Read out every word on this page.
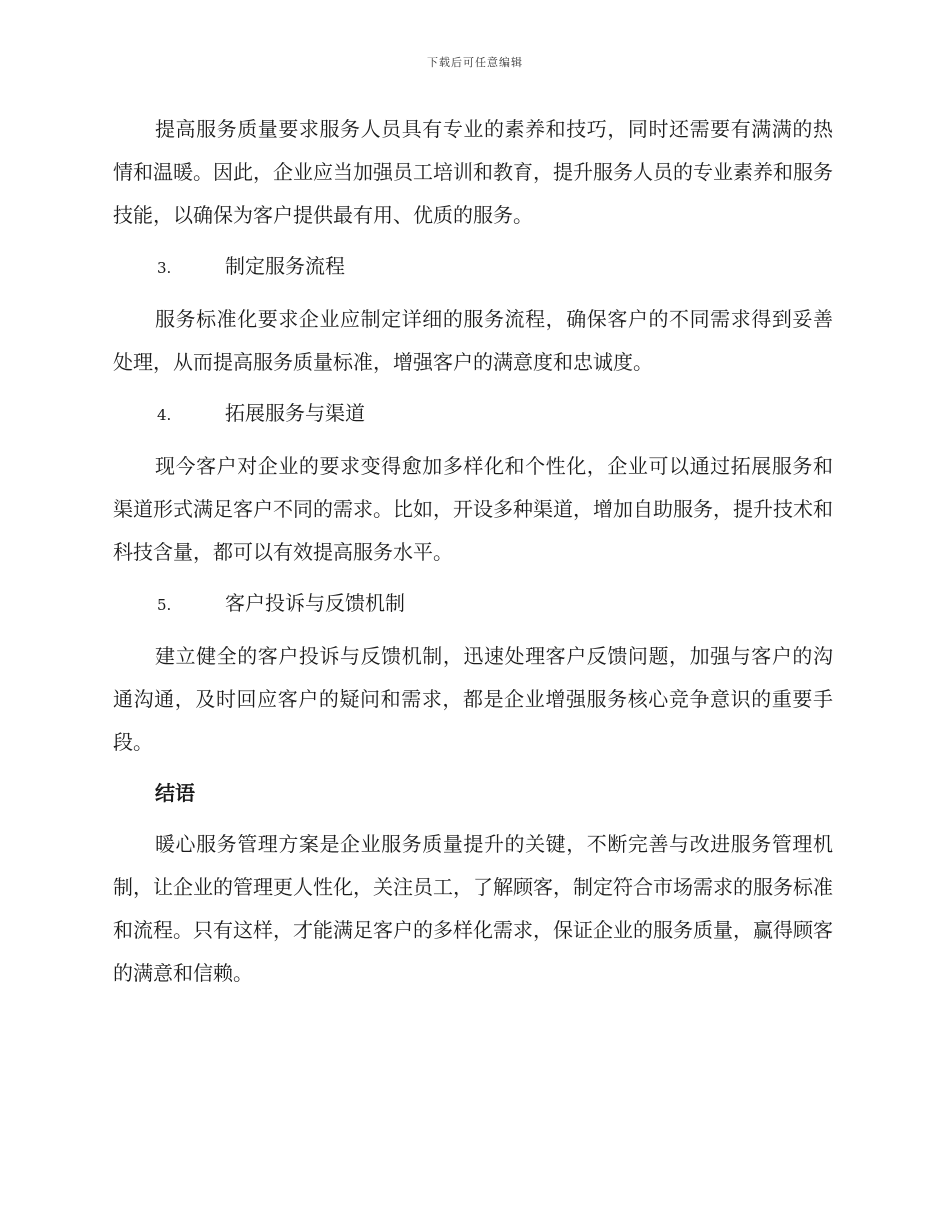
下载后可任意编辑

提高服务质量要求服务人员具有专业的素养和技巧，同时还需要有满满的热情和温暖。因此，企业应当加强员工培训和教育，提升服务人员的专业素养和服务技能，以确保为客户提供最有用、优质的服务。

3.	制定服务流程

服务标准化要求企业应制定详细的服务流程，确保客户的不同需求得到妥善处理，从而提高服务质量标准，增强客户的满意度和忠诚度。

4.	拓展服务与渠道

现今客户对企业的要求变得愈加多样化和个性化，企业可以通过拓展服务和渠道形式满足客户不同的需求。比如，开设多种渠道，增加自助服务，提升技术和科技含量，都可以有效提高服务水平。

5.	客户投诉与反馈机制

建立健全的客户投诉与反馈机制，迅速处理客户反馈问题，加强与客户的沟通沟通，及时回应客户的疑问和需求，都是企业增强服务核心竞争意识的重要手段。

结语

暖心服务管理方案是企业服务质量提升的关键，不断完善与改进服务管理机制，让企业的管理更人性化，关注员工，了解顾客，制定符合市场需求的服务标准和流程。只有这样，才能满足客户的多样化需求，保证企业的服务质量，赢得顾客的满意和信赖。
